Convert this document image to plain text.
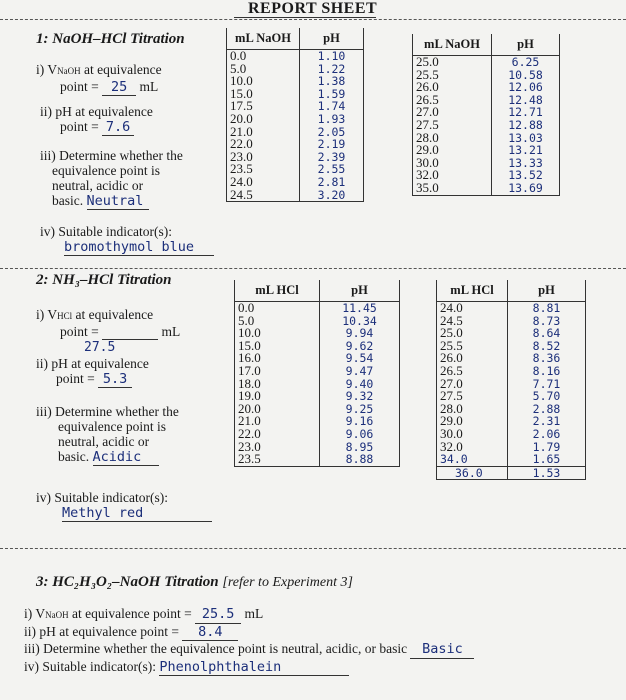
REPORT SHEET
1: NaOH–HCl Titration
i) VNaOH at equivalence
point = 25 mL
ii) pH at equivalence
point = 7.6
iii) Determine whether the
equivalence point is
neutral, acidic or
basic. Neutral
iv) Suitable indicator(s):
bromothymol blue
mL NaOH	pH
0.0	1.10
5.0	1.22
10.0	1.38
15.0	1.59
17.5	1.74
20.0	1.93
21.0	2.05
22.0	2.19
23.0	2.39
23.5	2.55
24.0	2.81
24.5	3.20
mL NaOH	pH
25.0	6.25
25.5	10.58
26.0	12.06
26.5	12.48
27.0	12.71
27.5	12.88
28.0	13.03
29.0	13.21
30.0	13.33
32.0	13.52
35.0	13.69
2: NH₃–HCl Titration
i) VHCl at equivalence
point =	mL
27.5
ii) pH at equivalence
point = 5.3
iii) Determine whether the
equivalence point is
neutral, acidic or
basic. Acidic
iv) Suitable indicator(s):
Methyl red
mL HCl	pH
0.0	11.45
5.0	10.34
10.0	9.94
15.0	9.62
16.0	9.54
17.0	9.47
18.0	9.40
19.0	9.32
20.0	9.25
21.0	9.16
22.0	9.06
23.0	8.95
23.5	8.88
mL HCl	pH
24.0	8.81
24.5	8.73
25.0	8.64
25.5	8.52
26.0	8.36
26.5	8.16
27.0	7.71
27.5	5.70
28.0	2.88
29.0	2.31
30.0	2.06
32.0	1.79
34.0	1.65
36.0	1.53
3: HC₂H₃O₂–NaOH Titration [refer to Experiment 3]
i) VNaOH at equivalence point = 25.5 mL
ii) pH at equivalence point = 8.4
iii) Determine whether the equivalence point is neutral, acidic, or basic Basic
iv) Suitable indicator(s): Phenolphthalein
